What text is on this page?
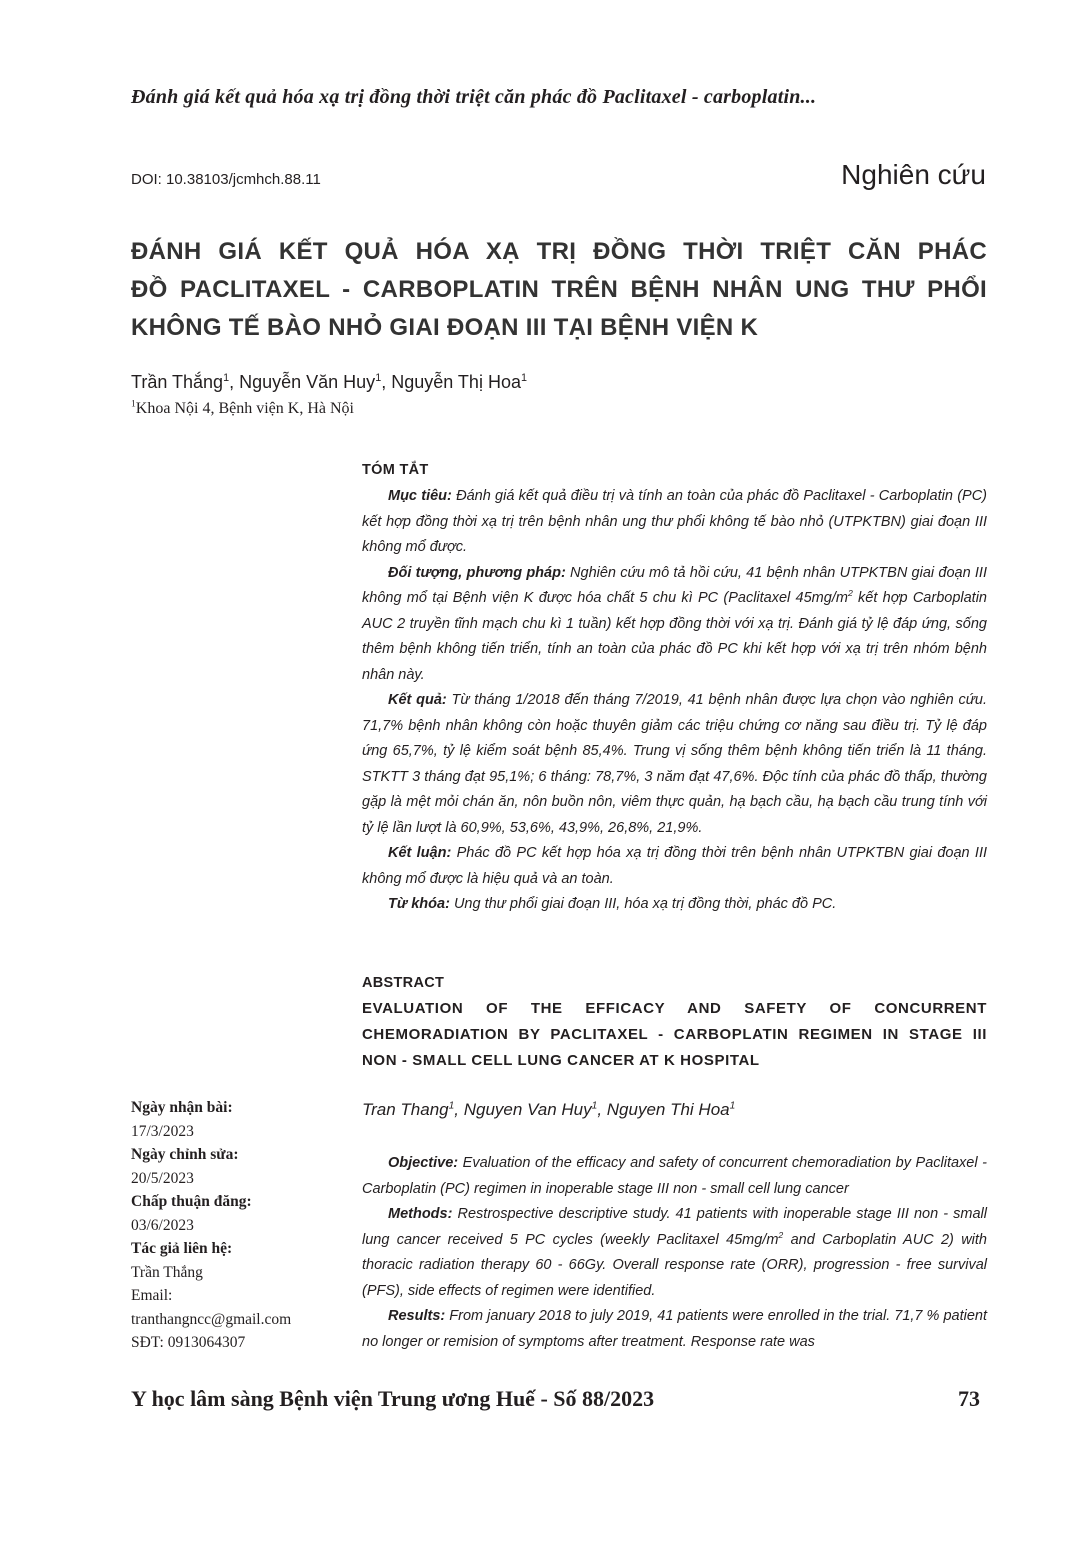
Đánh giá kết quả hóa xạ trị đồng thời triệt căn phác đồ Paclitaxel - carboplatin...
DOI: 10.38103/jcmhch.88.11	Nghiên cứu
ĐÁNH GIÁ KẾT QUẢ HÓA XẠ TRỊ ĐỒNG THỜI TRIỆT CĂN PHÁC
ĐỒ PACLITAXEL - CARBOPLATIN TRÊN BỆNH NHÂN UNG THƯ PHỔI
KHÔNG TẾ BÀO NHỎ GIAI ĐOẠN III TẠI BỆNH VIỆN K
Trần Thắng$^1$, Nguyễn Văn Huy$^1$, Nguyễn Thị Hoa$^1$
$^1$Khoa Nội 4, Bệnh viện K, Hà Nội
TÓM TẮT

Mục tiêu: Đánh giá kết quả điều trị và tính an toàn của phác đồ Paclitaxel - Carboplatin (PC) kết hợp đồng thời xạ trị trên bệnh nhân ung thư phổi không tế bào nhỏ (UTPKTBN) giai đoạn III không mổ được.

Đối tượng, phương pháp: Nghiên cứu mô tả hồi cứu, 41 bệnh nhân UTPKTBN giai đoạn III không mổ tại Bệnh viện K được hóa chất 5 chu kì PC (Paclitaxel $45mg/m^2$ kết hợp Carboplatin AUC 2 truyền tĩnh mạch chu kì 1 tuần) kết hợp đồng thời với xạ trị. Đánh giá tỷ lệ đáp ứng, sống thêm bệnh không tiến triển, tính an toàn của phác đồ PC khi kết hợp với xạ trị trên nhóm bệnh nhân này.

Kết quả: Từ tháng 1/2018 đến tháng 7/2019, 41 bệnh nhân được lựa chọn vào nghiên cứu. 71,7% bệnh nhân không còn hoặc thuyên giảm các triệu chứng cơ năng sau điều trị. Tỷ lệ đáp ứng 65,7%, tỷ lệ kiểm soát bệnh 85,4%. Trung vị sống thêm bệnh không tiến triển là 11 tháng. STKTT 3 tháng đạt 95,1%; 6 tháng: 78,7%, 3 năm đạt 47,6%. Độc tính của phác đồ thấp, thường gặp là mệt mỏi chán ăn, nôn buồn nôn, viêm thực quản, hạ bạch cầu, hạ bạch cầu trung tính với tỷ lệ lần lượt là 60,9%, 53,6%, 43,9%, 26,8%, 21,9%.

Kết luận: Phác đồ PC kết hợp hóa xạ trị đồng thời trên bệnh nhân UTPKTBN giai đoạn III không mổ được là hiệu quả và an toàn.

Từ khóa: Ung thư phổi giai đoạn III, hóa xạ trị đồng thời, phác đồ PC.

ABSTRACT
EVALUATION OF THE EFFICACY AND SAFETY OF CONCURRENT
CHEMORADIATION BY PACLITAXEL - CARBOPLATIN REGIMEN IN STAGE III
NON - SMALL CELL LUNG CANCER AT K HOSPITAL
Tran Thang$^1$, Nguyen Van Huy$^1$, Nguyen Thi Hoa$^1$

Objective: Evaluation of the efficacy and safety of concurrent chemoradiation by Paclitaxel - Carboplatin (PC) regimen in inoperable stage III non - small cell lung cancer

Methods: Restrospective descriptive study. 41 patients with inoperable stage III non - small lung cancer received 5 PC cycles (weekly Paclitaxel $45mg/m^2$ and Carboplatin AUC 2) with thoracic radiation therapy 60 - 66Gy. Overall response rate (ORR), progression - free survival (PFS), side effects of regimen were identified.

Results: From january 2018 to july 2019, 41 patients were enrolled in the trial. 71,7 % patient no longer or remision of symptoms after treatment. Response rate was

Ngày nhận bài:
17/3/2023
Ngày chỉnh sửa:
20/5/2023
Chấp thuận đăng:
03/6/2023
Tác giả liên hệ:
Trần Thắng
Email:
tranthangncc@gmail.com
SĐT: 0913064307
Y học lâm sàng Bệnh viện Trung ương Huế - Số 88/2023	73
